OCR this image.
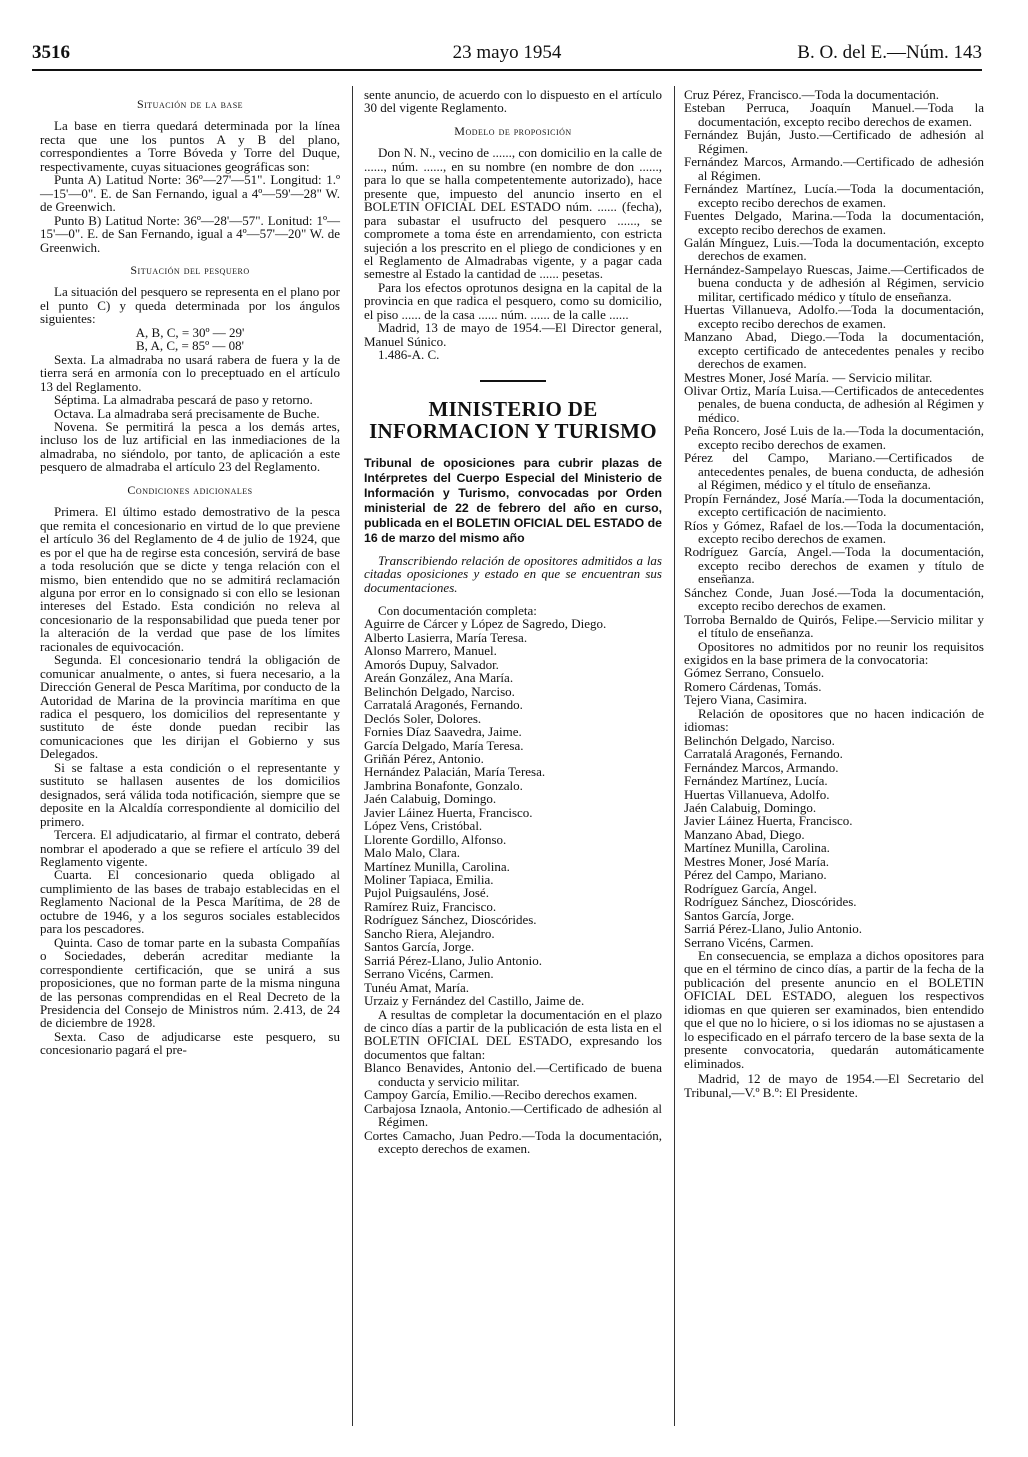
3516	23 mayo 1954	B. O. del E.—Núm. 143

Situación de la base

La base en tierra quedará determinada por la línea recta que une los puntos A y B del plano, correspondientes a Torre Bóveda y Torre del Duque, respectivamente, cuyas situaciones geográficas son:

Punta A) Latitud Norte: 36º—27'—51". Longitud: 1.º—15'—0". E. de San Fernando, igual a 4º—59'—28" W. de Greenwich.

Punto B) Latitud Norte: 36º—28'—57". Lonitud: 1º—15'—0". E. de San Fernando, igual a 4º—57'—20" W. de Greenwich.

Situación del pesquero

La situación del pesquero se representa en el plano por el punto C) y queda determinada por los ángulos siguientes:

A, B, C, = 30º — 29'

B, A, C, = 85º — 08'

Sexta. La almadraba no usará rabera de fuera y la de tierra será en armonía con lo preceptuado en el artículo 13 del Reglamento.

Séptima. La almadraba pescará de paso y retorno.

Octava. La almadraba será precisamente de Buche.

Novena. Se permitirá la pesca a los demás artes, incluso los de luz artificial en las inmediaciones de la almadraba, no siéndolo, por tanto, de aplicación a este pesquero de almadraba el artículo 23 del Reglamento.

Condiciones adicionales

Primera. El último estado demostrativo de la pesca que remita el concesionario en virtud de lo que previene el artículo 36 del Reglamento de 4 de julio de 1924, que es por el que ha de regirse esta concesión, servirá de base a toda resolución que se dicte y tenga relación con el mismo, bien entendido que no se admitirá reclamación alguna por error en lo consignado si con ello se lesionan intereses del Estado. Esta condición no releva al concesionario de la responsabilidad que pueda tener por la alteración de la verdad que pase de los límites racionales de equivocación.

Segunda. El concesionario tendrá la obligación de comunicar anualmente, o antes, si fuera necesario, a la Dirección General de Pesca Marítima, por conducto de la Autoridad de Marina de la provincia marítima en que radica el pesquero, los domicilios del representante y sustituto de éste donde puedan recibir las comunicaciones que les dirijan el Gobierno y sus Delegados.

Si se faltase a esta condición o el representante y sustituto se hallasen ausentes de los domicilios designados, será válida toda notificación, siempre que se deposite en la Alcaldía correspondiente al domicilio del primero.

Tercera. El adjudicatario, al firmar el contrato, deberá nombrar el apoderado a que se refiere el artículo 39 del Reglamento vigente.

Cuarta. El concesionario queda obligado al cumplimiento de las bases de trabajo establecidas en el Reglamento Nacional de la Pesca Marítima, de 28 de octubre de 1946, y a los seguros sociales establecidos para los pescadores.

Quinta. Caso de tomar parte en la subasta Compañías o Sociedades, deberán acreditar mediante la correspondiente certificación, que se unirá a sus proposiciones, que no forman parte de la misma ninguna de las personas comprendidas en el Real Decreto de la Presidencia del Consejo de Ministros núm. 2.413, de 24 de diciembre de 1928.

Sexta. Caso de adjudicarse este pesquero, su concesionario pagará el pre-

sente anuncio, de acuerdo con lo dispuesto en el artículo 30 del vigente Reglamento.

Modelo de proposición

Don N. N., vecino de ......, con domicilio en la calle de ......, núm. ......, en su nombre (en nombre de don ......, para lo que se halla competentemente autorizado), hace presente que, impuesto del anuncio inserto en el BOLETIN OFICIAL DEL ESTADO núm. ...... (fecha), para subastar el usufructo del pesquero ......, se compromete a toma éste en arrendamiento, con estricta sujeción a los prescrito en el pliego de condiciones y en el Reglamento de Almadrabas vigente, y a pagar cada semestre al Estado la cantidad de ...... pesetas.

Para los efectos oprotunos designa en la capital de la provincia en que radica el pesquero, como su domicilio, el piso ...... de la casa ...... núm. ...... de la calle ......

Madrid, 13 de mayo de 1954.—El Director general, Manuel Súnico.

1.486-A. C.

MINISTERIO DE INFORMACION Y TURISMO

Tribunal de oposiciones para cubrir plazas de Intérpretes del Cuerpo Especial del Ministerio de Información y Turismo, convocadas por Orden ministerial de 22 de febrero del año en curso, publicada en el BOLETIN OFICIAL DEL ESTADO de 16 de marzo del mismo año

Transcribiendo relación de opositores admitidos a las citadas oposiciones y estado en que se encuentran sus documentaciones.

Con documentación completa:

Aguirre de Cárcer y López de Sagredo, Diego.

Alberto Lasierra, María Teresa.

Alonso Marrero, Manuel.

Amorós Dupuy, Salvador.

Areán González, Ana María.

Belinchón Delgado, Narciso.

Carratalá Aragonés, Fernando.

Declós Soler, Dolores.

Fornies Díaz Saavedra, Jaime.

García Delgado, María Teresa.

Griñán Pérez, Antonio.

Hernández Palacián, María Teresa.

Jambrina Bonafonte, Gonzalo.

Jaén Calabuig, Domingo.

Javier Láinez Huerta, Francisco.

López Vens, Cristóbal.

Llorente Gordillo, Alfonso.

Malo Malo, Clara.

Martínez Munilla, Carolina.

Moliner Tapiaca, Emilia.

Pujol Puigsauléns, José.

Ramírez Ruiz, Francisco.

Rodríguez Sánchez, Dioscórides.

Sancho Riera, Alejandro.

Santos García, Jorge.

Sarriá Pérez-Llano, Julio Antonio.

Serrano Vicéns, Carmen.

Tunéu Amat, María.

Urzaiz y Fernández del Castillo, Jaime de.

A resultas de completar la documentación en el plazo de cinco días a partir de la publicación de esta lista en el BOLETIN OFICIAL DEL ESTADO, expresando los documentos que faltan:

Blanco Benavides, Antonio del.—Certificado de buena conducta y servicio militar.

Campoy García, Emilio.—Recibo derechos examen.

Carbajosa Iznaola, Antonio.—Certificado de adhesión al Régimen.

Cortes Camacho, Juan Pedro.—Toda la documentación, excepto derechos de examen.

Cruz Pérez, Francisco.—Toda la documentación.

Esteban Perruca, Joaquín Manuel.—Toda la documentación, excepto recibo derechos de examen.

Fernández Buján, Justo.—Certificado de adhesión al Régimen.

Fernández Marcos, Armando.—Certificado de adhesión al Régimen.

Fernández Martínez, Lucía.—Toda la documentación, excepto recibo derechos de examen.

Fuentes Delgado, Marina.—Toda la documentación, excepto recibo derechos de examen.

Galán Mínguez, Luis.—Toda la documentación, excepto derechos de examen.

Hernández-Sampelayo Ruescas, Jaime.—Certificados de buena conducta y de adhesión al Régimen, servicio militar, certificado médico y título de enseñanza.

Huertas Villanueva, Adolfo.—Toda la documentación, excepto recibo derechos de examen.

Manzano Abad, Diego.—Toda la documentación, excepto certificado de antecedentes penales y recibo derechos de examen.

Mestres Moner, José María. — Servicio militar.

Olivar Ortiz, María Luisa.—Certificados de antecedentes penales, de buena conducta, de adhesión al Régimen y médico.

Peña Roncero, José Luis de la.—Toda la documentación, excepto recibo derechos de examen.

Pérez del Campo, Mariano.—Certificados de antecedentes penales, de buena conducta, de adhesión al Régimen, médico y el título de enseñanza.

Propín Fernández, José María.—Toda la documentación, excepto certificación de nacimiento.

Ríos y Gómez, Rafael de los.—Toda la documentación, excepto recibo derechos de examen.

Rodríguez García, Angel.—Toda la documentación, excepto recibo derechos de examen y título de enseñanza.

Sánchez Conde, Juan José.—Toda la documentación, excepto recibo derechos de examen.

Torroba Bernaldo de Quirós, Felipe.—Servicio militar y el título de enseñanza.

Opositores no admitidos por no reunir los requisitos exigidos en la base primera de la convocatoria:

Gómez Serrano, Consuelo.

Romero Cárdenas, Tomás.

Tejero Viana, Casimira.

Relación de opositores que no hacen indicación de idiomas:

Belinchón Delgado, Narciso.

Carratalá Aragonés, Fernando.

Fernández Marcos, Armando.

Fernández Martínez, Lucía.

Huertas Villanueva, Adolfo.

Jaén Calabuig, Domingo.

Javier Láinez Huerta, Francisco.

Manzano Abad, Diego.

Martínez Munilla, Carolina.

Mestres Moner, José María.

Pérez del Campo, Mariano.

Rodríguez García, Angel.

Rodríguez Sánchez, Dioscórides.

Santos García, Jorge.

Sarriá Pérez-Llano, Julio Antonio.

Serrano Vicéns, Carmen.

En consecuencia, se emplaza a dichos opositores para que en el término de cinco días, a partir de la fecha de la publicación del presente anuncio en el BOLETIN OFICIAL DEL ESTADO, aleguen los respectivos idiomas en que quieren ser examinados, bien entendido que el que no lo hiciere, o si los idiomas no se ajustasen a lo especificado en el párrafo tercero de la base sexta de la presente convocatoria, quedarán automáticamente eliminados.

Madrid, 12 de mayo de 1954.—El Secretario del Tribunal,—V.º B.º: El Presidente.
